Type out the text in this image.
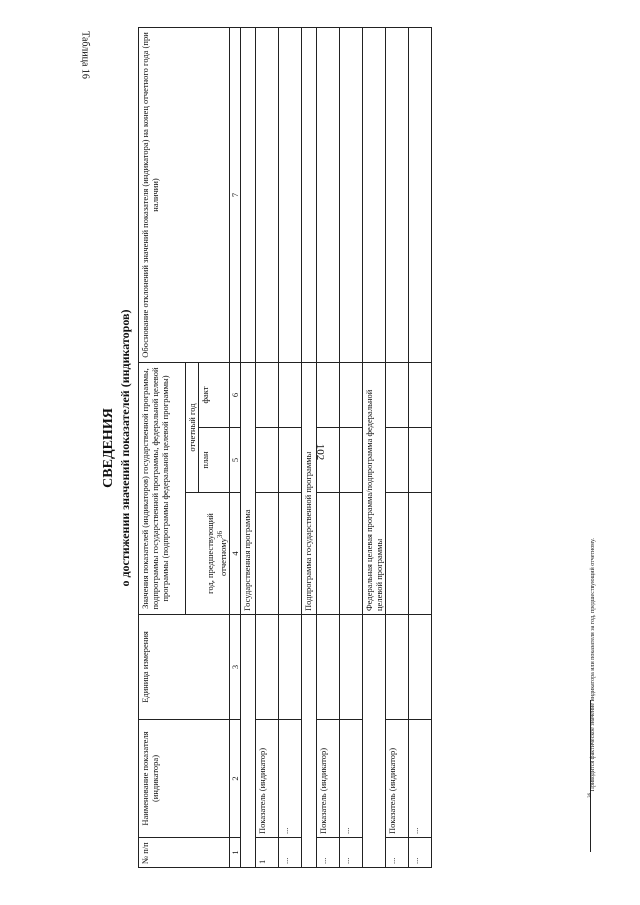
102
Таблица 16
СВЕДЕНИЯ о достижении значений показателей (индикаторов)
№ п/п	Наименование показателя (индикатора)	Единица измерения	Значения показателей (индикаторов) государственной программы, подпрограммы государственной программы, федеральной целевой программы (подпрограммы федеральной целевой программы)			Обоснование отклонений значений показателя (индикатора) на конец отчетного года (при наличии)
			год, предшествующий отчетному$^{36}$	отчетный год		
				план	факт	
1	2	3	4	5	6	7
			Государственная программа			
1	Показатель (индикатор)					
...	...					
			Подпрограмма государственной программы			
...	Показатель (индикатор)					
...	...					
			Федеральная целевая программа/подпрограмма федеральной целевой программы			
...	Показатель (индикатор)					
...	...					
$^{36}$ Приводится фактическое значение индикатора или показателя за год, предшествующий отчетному.
